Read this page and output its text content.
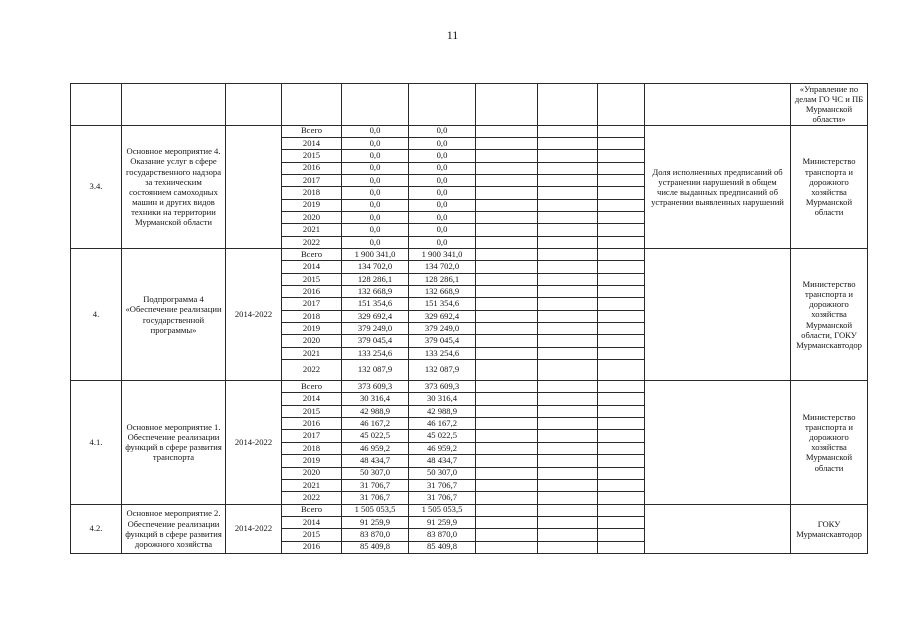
11
										«Управление по делам ГО ЧС и ПБ Мурманской области»
3.4.	Основное мероприятие 4. Оказание услуг в сфере государственного надзора за техническим состоянием самоходных машин и других видов техники на территории Мурманской области		Всего	0,0	0,0				Доля исполненных предписаний об устранении нарушений в общем числе выданных предписаний об устранении выявленных нарушений	Министерство транспорта и дорожного хозяйства Мурманской области
			2014	0,0	0,0					
			2015	0,0	0,0					
			2016	0,0	0,0					
			2017	0,0	0,0					
			2018	0,0	0,0					
			2019	0,0	0,0					
			2020	0,0	0,0					
			2021	0,0	0,0					
			2022	0,0	0,0					
4.	Подпрограмма 4 «Обеспечение реализации государственной программы»	2014-2022	Всего	1 900 341,0	1 900 341,0					Министерство транспорта и дорожного хозяйства Мурманской области, ГОКУ Мурманскавтодор
			2014	134 702,0	134 702,0					
			2015	128 286,1	128 286,1					
			2016	132 668,9	132 668,9					
			2017	151 354,6	151 354,6					
			2018	329 692,4	329 692,4					
			2019	379 249,0	379 249,0					
			2020	379 045,4	379 045,4					
			2021	133 254,6	133 254,6					
			2022	132 087,9	132 087,9					
4.1.	Основное мероприятие 1. Обеспечение реализации функций в сфере развития транспорта	2014-2022	Всего	373 609,3	373 609,3					Министерство транспорта и дорожного хозяйства Мурманской области
			2014	30 316,4	30 316,4					
			2015	42 988,9	42 988,9					
			2016	46 167,2	46 167,2					
			2017	45 022,5	45 022,5					
			2018	46 959,2	46 959,2					
			2019	48 434,7	48 434,7					
			2020	50 307,0	50 307,0					
			2021	31 706,7	31 706,7					
			2022	31 706,7	31 706,7					
4.2.	Основное мероприятие 2. Обеспечение реализации функций в сфере развития дорожного хозяйства	2014-2022	Всего	1 505 053,5	1 505 053,5					ГОКУ Мурманскавтодор
			2014	91 259,9	91 259,9					
			2015	83 870,0	83 870,0					
			2016	85 409,8	85 409,8					
